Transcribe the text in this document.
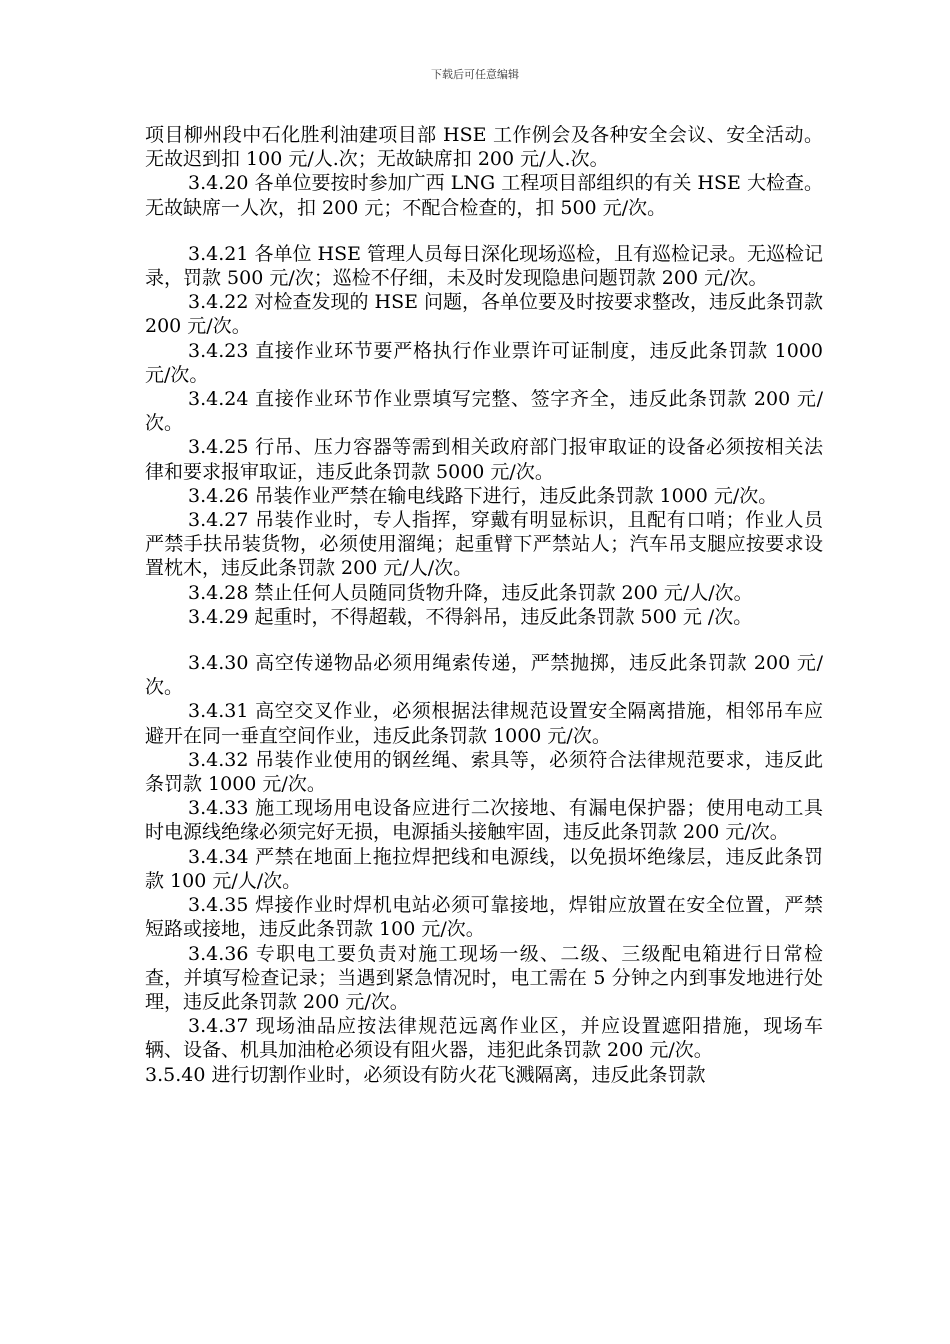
下载后可任意编辑

项目柳州段中石化胜利油建项目部 HSE 工作例会及各种安全会议、安全活动。无故迟到扣 100 元/人.次；无故缺席扣 200 元/人.次。

3.4.20 各单位要按时参加广西 LNG 工程项目部组织的有关 HSE 大检查。无故缺席一人次，扣 200 元；不配合检查的，扣 500 元/次。

3.4.21 各单位 HSE 管理人员每日深化现场巡检，且有巡检记录。无巡检记录，罚款 500 元/次；巡检不仔细，未及时发现隐患问题罚款 200 元/次。

3.4.22 对检查发现的 HSE 问题，各单位要及时按要求整改，违反此条罚款 200 元/次。

3.4.23 直接作业环节要严格执行作业票许可证制度，违反此条罚款 1000 元/次。

3.4.24 直接作业环节作业票填写完整、签字齐全，违反此条罚款 200 元/次。

3.4.25 行吊、压力容器等需到相关政府部门报审取证的设备必须按相关法律和要求报审取证，违反此条罚款 5000 元/次。

3.4.26 吊装作业严禁在输电线路下进行，违反此条罚款 1000 元/次。

3.4.27 吊装作业时，专人指挥，穿戴有明显标识，且配有口哨；作业人员严禁手扶吊装货物，必须使用溜绳；起重臂下严禁站人；汽车吊支腿应按要求设置枕木，违反此条罚款 200 元/人/次。

3.4.28 禁止任何人员随同货物升降，违反此条罚款 200 元/人/次。

3.4.29 起重时，不得超载，不得斜吊，违反此条罚款 500 元 /次。

3.4.30 高空传递物品必须用绳索传递，严禁抛掷，违反此条罚款 200 元/次。

3.4.31 高空交叉作业，必须根据法律规范设置安全隔离措施，相邻吊车应避开在同一垂直空间作业，违反此条罚款 1000 元/次。

3.4.32 吊装作业使用的钢丝绳、索具等，必须符合法律规范要求，违反此条罚款 1000 元/次。

3.4.33 施工现场用电设备应进行二次接地、有漏电保护器；使用电动工具时电源线绝缘必须完好无损，电源插头接触牢固，违反此条罚款 200 元/次。

3.4.34 严禁在地面上拖拉焊把线和电源线，以免损坏绝缘层，违反此条罚款 100 元/人/次。

3.4.35 焊接作业时焊机电站必须可靠接地，焊钳应放置在安全位置，严禁短路或接地，违反此条罚款 100 元/次。

3.4.36 专职电工要负责对施工现场一级、二级、三级配电箱进行日常检查，并填写检查记录；当遇到紧急情况时，电工需在 5 分钟之内到事发地进行处理，违反此条罚款 200 元/次。

3.4.37 现场油品应按法律规范远离作业区，并应设置遮阳措施，现场车辆、设备、机具加油枪必须设有阻火器，违犯此条罚款 200 元/次。

3.5.40 进行切割作业时，必须设有防火花飞溅隔离，违反此条罚款
